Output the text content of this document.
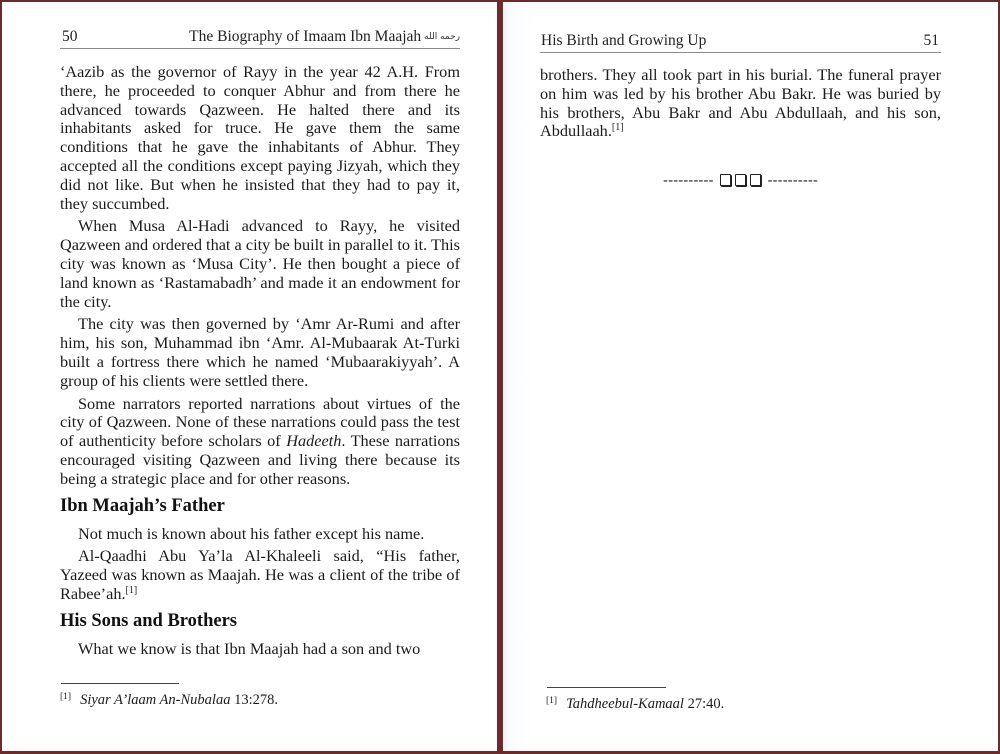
50	The Biography of Imaam Ibn Maajah رحمه الله

‘Aazib as the governor of Rayy in the year 42 A.H. From there, he proceeded to conquer Abhur and from there he advanced towards Qazween. He halted there and its inhabitants asked for truce. He gave them the same conditions that he gave the inhabitants of Abhur. They accepted all the conditions except paying Jizyah, which they did not like. But when he insisted that they had to pay it, they succumbed.

When Musa Al-Hadi advanced to Rayy, he visited Qazween and ordered that a city be built in parallel to it. This city was known as ‘Musa City’. He then bought a piece of land known as ‘Rastamabadh’ and made it an endowment for the city.

The city was then governed by ‘Amr Ar-Rumi and after him, his son, Muhammad ibn ‘Amr. Al-Mubaarak At-Turki built a fortress there which he named ‘Mubaarakiyyah’. A group of his clients were settled there.

Some narrators reported narrations about virtues of the city of Qazween. None of these narrations could pass the test of authenticity before scholars of Hadeeth. These narrations encouraged visiting Qazween and living there because its being a strategic place and for other reasons.

Ibn Maajah’s Father

Not much is known about his father except his name.

Al-Qaadhi Abu Ya’la Al-Khaleeli said, “His father, Yazeed was known as Maajah. He was a client of the tribe of Rabee’ah.[1]

His Sons and Brothers

What we know is that Ibn Maajah had a son and two

[1] Siyar A’laam An-Nubalaa 13:278.
His Birth and Growing Up	51

brothers. They all took part in his burial. The funeral prayer on him was led by his brother Abu Bakr. He was buried by his brothers, Abu Bakr and Abu Abdullaah, and his son, Abdullaah.[1]

----------	----------
[1] Tahdheebul-Kamaal 27:40.
